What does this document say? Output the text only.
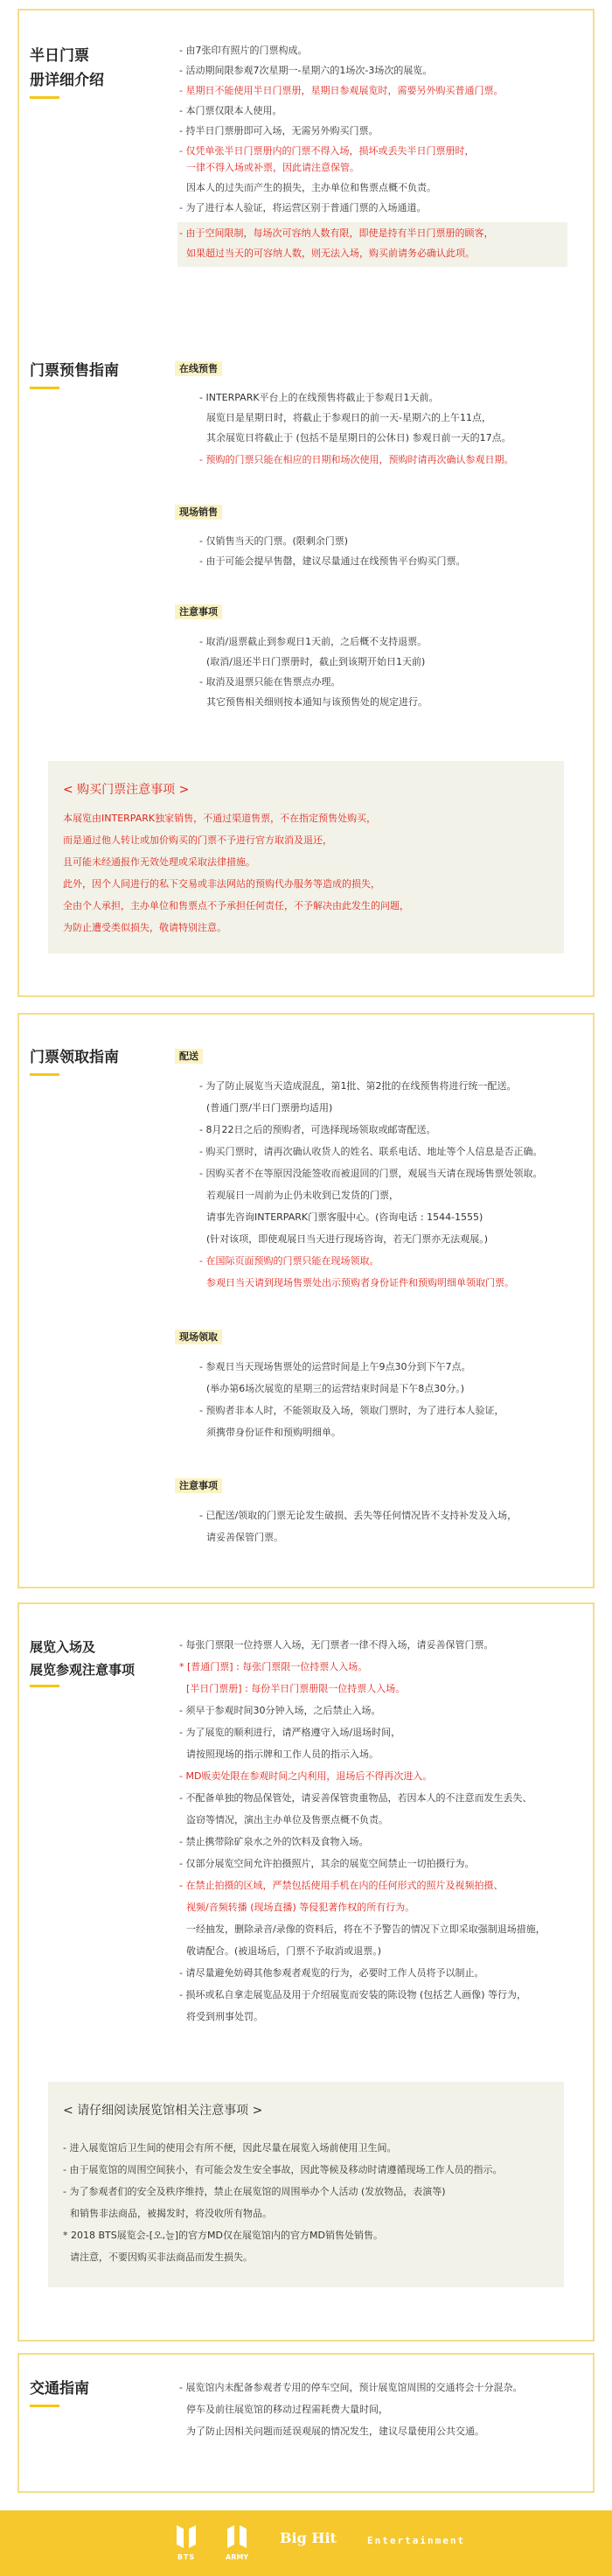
半日门票
册详细介绍
- 由7张印有照片的门票构成。
- 活动期间限参观7次星期一-星期六的1场次-3场次的展览。
- 星期日不能使用半日门票册，星期日参观展览时，需要另外购买普通门票。
- 本门票仅限本人使用。
- 持半日门票册即可入场，无需另外购买门票。
- 仅凭单张半日门票册内的门票不得入场，损坏或丢失半日门票册时，
一律不得入场或补票，因此请注意保管。
因本人的过失而产生的损失，主办单位和售票点概不负责。
- 为了进行本人验证，将运营区别于普通门票的入场通道。
- 由于空间限制，每场次可容纳人数有限，即使是持有半日门票册的顾客，
如果超过当天的可容纳人数，则无法入场，购买前请务必确认此项。
门票预售指南	在线预售
- INTERPARK平台上的在线预售将截止于参观日1天前。
展览日是星期日时，将截止于参观日的前一天-星期六的上午11点，
其余展览日将截止于 (包括不是星期日的公休日) 参观日前一天的17点。
- 预购的门票只能在相应的日期和场次使用，预购时请再次确认参观日期。
现场销售
- 仅销售当天的门票。(限剩余门票)
- 由于可能会提早售罄，建议尽量通过在线预售平台购买门票。
注意事项
- 取消/退票截止到参观日1天前，之后概不支持退票。
(取消/退还半日门票册时，截止到该期开始日1天前)
- 取消及退票只能在售票点办理。
其它预售相关细则按本通知与该预售处的规定进行。
< 购买门票注意事项 >
本展览由INTERPARK独家销售，不通过渠道售票，不在指定预售处购买，
而是通过他人转让或加价购买的门票不予进行官方取消及退还，
且可能未经通报作无效处理或采取法律措施。
此外，因个人间进行的私下交易或非法网站的预购代办服务等造成的损失，
全由个人承担，主办单位和售票点不予承担任何责任，不予解决由此发生的问题，
为防止遭受类似损失，敬请特别注意。
门票领取指南	配送
- 为了防止展览当天造成混乱，第1批、第2批的在线预售将进行统一配送。
(普通门票/半日门票册均适用)
- 8月22日之后的预购者，可选择现场领取或邮寄配送。
- 购买门票时，请再次确认收货人的姓名、联系电话、地址等个人信息是否正确。
- 因购买者不在等原因没能签收而被退回的门票，观展当天请在现场售票处领取。
若观展日一周前为止仍未收到已发货的门票，
请事先咨询INTERPARK门票客服中心。(咨询电话 : 1544-1555)
(针对该项，即使观展日当天进行现场咨询，若无门票亦无法观展。)
- 在国际页面预购的门票只能在现场领取。
参观日当天请到现场售票处出示预购者身份证件和预购明细单领取门票。
现场领取
- 参观日当天现场售票处的运营时间是上午9点30分到下午7点。
(举办第6场次展览的星期三的运营结束时间是下午8点30分。)
- 预购者非本人时，不能领取及入场，领取门票时，为了进行本人验证，
须携带身份证件和预购明细单。
注意事项
- 已配送/领取的门票无论发生破损、丢失等任何情况皆不支持补发及入场，
请妥善保管门票。
展览入场及
展览参观注意事项
- 每张门票限一位持票人入场，无门票者一律不得入场，请妥善保管门票。
* [普通门票] : 每张门票限一位持票人入场。
[半日门票册] : 每份半日门票册限一位持票人入场。
- 须早于参观时间30分钟入场，之后禁止入场。
- 为了展览的顺利进行，请严格遵守入场/退场时间，
请按照现场的指示牌和工作人员的指示入场。
- MD贩卖处限在参观时间之内利用，退场后不得再次进入。
- 不配备单独的物品保管处，请妥善保管贵重物品，若因本人的不注意而发生丢失、
盗窃等情况，演出主办单位及售票点概不负责。
- 禁止携带除矿泉水之外的饮料及食物入场。
- 仅部分展览空间允许拍摄照片，其余的展览空间禁止一切拍摄行为。
- 在禁止拍摄的区域，严禁包括使用手机在内的任何形式的照片及视频拍摄、
视频/音频转播 (现场直播) 等侵犯著作权的所有行为。
一经抽发，删除录音/录像的资料后，将在不予警告的情况下立即采取强制退场措施，
敬请配合。(被退场后，门票不予取消或退票。)
- 请尽量避免妨碍其他参观者观览的行为，必要时工作人员将予以制止。
- 损坏或私自拿走展览品及用于介绍展览而安装的陈设物 (包括艺人画像) 等行为，
将受到刑事处罚。
< 请仔细阅读展览馆相关注意事项 >
- 进入展览馆后卫生间的使用会有所不便，因此尽量在展览入场前使用卫生间。
- 由于展览馆的周围空间狭小，有可能会发生安全事故，因此等候及移动时请遵循现场工作人员的指示。
- 为了参观者们的安全及秩序维持，禁止在展览馆的周围举办个人活动 (发放物品，表演等)
和销售非法商品，被揭发时，将没收所有物品。
* 2018 BTS展览会-[오,늘]的官方MD仅在展览馆内的官方MD销售处销售。
请注意，不要因购买非法商品而发生损失。
交通指南	- 展览馆内未配备参观者专用的停车空间，预计展览馆周围的交通将会十分混杂。
停车及前往展览馆的移动过程需耗费大量时间，
为了防止因相关问题而延误观展的情况发生，建议尽量使用公共交通。
BTS	ARMY
Big Hit	Entertainment
